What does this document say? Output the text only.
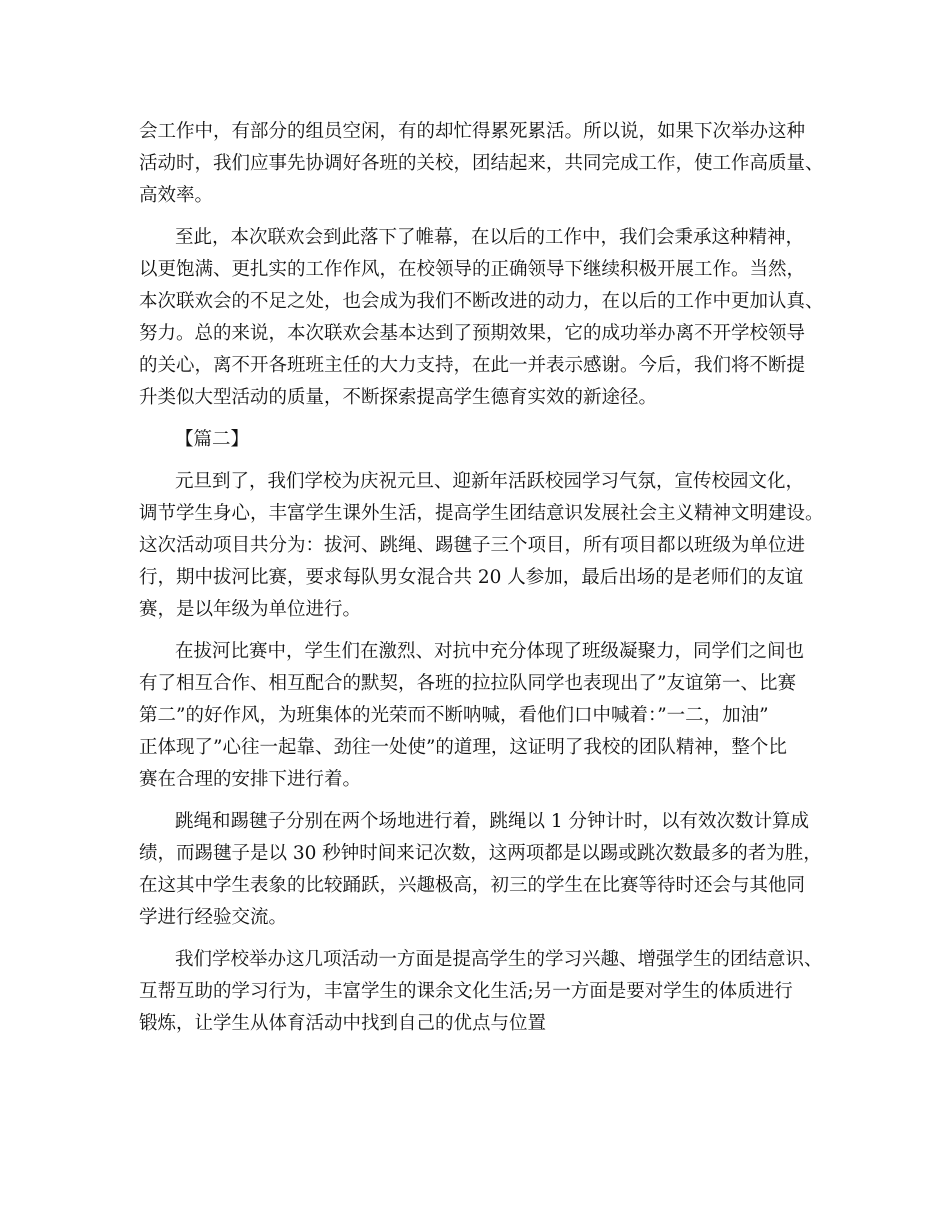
会工作中，有部分的组员空闲，有的却忙得累死累活。所以说，如果下次举办这种
活动时，我们应事先协调好各班的关校，团结起来，共同完成工作，使工作高质量、
高效率。
至此，本次联欢会到此落下了帷幕，在以后的工作中，我们会秉承这种精神，
以更饱满、更扎实的工作作风，在校领导的正确领导下继续积极开展工作。当然，
本次联欢会的不足之处，也会成为我们不断改进的动力，在以后的工作中更加认真、
努力。总的来说，本次联欢会基本达到了预期效果，它的成功举办离不开学校领导
的关心，离不开各班班主任的大力支持，在此一并表示感谢。今后，我们将不断提
升类似大型活动的质量，不断探索提高学生德育实效的新途径。
【篇二】
元旦到了，我们学校为庆祝元旦、迎新年活跃校园学习气氛，宣传校园文化，
调节学生身心，丰富学生课外生活，提高学生团结意识发展社会主义精神文明建设。
这次活动项目共分为：拔河、跳绳、踢毽子三个项目，所有项目都以班级为单位进
行，期中拔河比赛，要求每队男女混合共 20 人参加，最后出场的是老师们的友谊
赛，是以年级为单位进行。
在拔河比赛中，学生们在激烈、对抗中充分体现了班级凝聚力，同学们之间也
有了相互合作、相互配合的默契，各班的拉拉队同学也表现出了”友谊第一、比赛
第二”的好作风，为班集体的光荣而不断呐喊，看他们口中喊着：”一二，加油”
正体现了”心往一起靠、劲往一处使”的道理，这证明了我校的团队精神，整个比
赛在合理的安排下进行着。
跳绳和踢毽子分别在两个场地进行着，跳绳以 1 分钟计时，以有效次数计算成
绩，而踢毽子是以 30 秒钟时间来记次数，这两项都是以踢或跳次数最多的者为胜，
在这其中学生表象的比较踊跃，兴趣极高，初三的学生在比赛等待时还会与其他同
学进行经验交流。
我们学校举办这几项活动一方面是提高学生的学习兴趣、增强学生的团结意识、
互帮互助的学习行为，丰富学生的课余文化生活;另一方面是要对学生的体质进行
锻炼，让学生从体育活动中找到自己的优点与位置
